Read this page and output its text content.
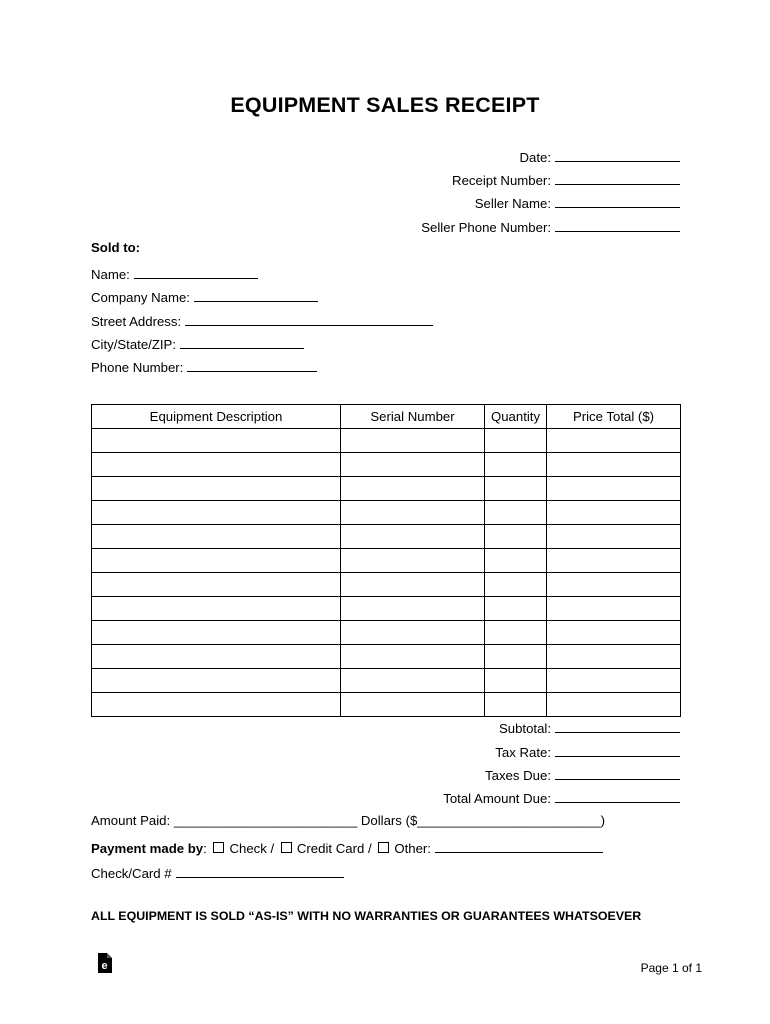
EQUIPMENT SALES RECEIPT
Date:
Receipt Number:
Seller Name:
Seller Phone Number:
Sold to:
Name:
Company Name:
Street Address:
City/State/ZIP:
Phone Number:
Equipment Description	Serial Number	Quantity	Price Total ($)

Subtotal:
Tax Rate:
Taxes Due:
Total Amount Due:
Amount Paid: _________________________ Dollars ($_________________________)
Payment made by: Check / Credit Card / Other:
Check/Card #
ALL EQUIPMENT IS SOLD “AS-IS” WITH NO WARRANTIES OR GUARANTEES WHATSOEVER
e	Page 1 of 1
